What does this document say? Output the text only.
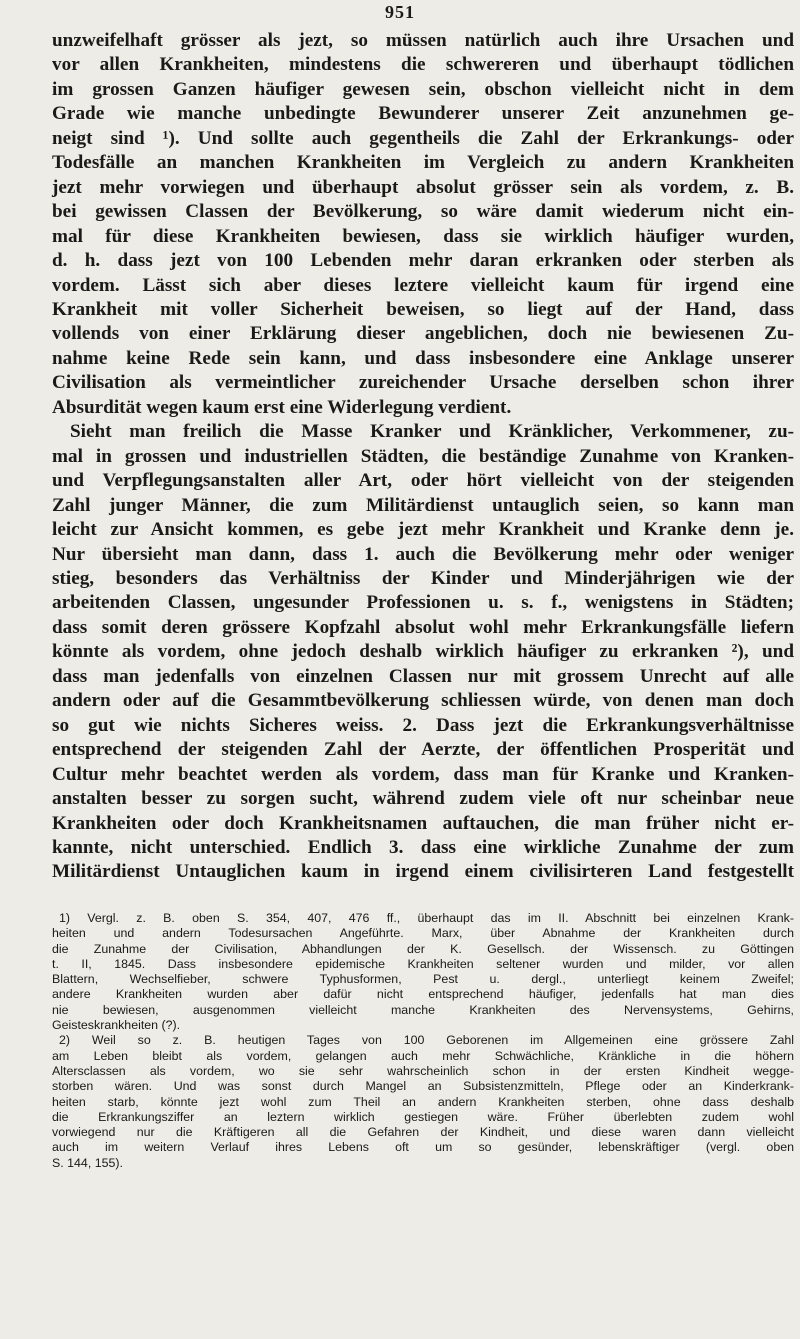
951

unzweifelhaft grösser als jezt, so müssen natürlich auch ihre Ursachen und

vor allen Krankheiten, mindestens die schwereren und überhaupt tödlichen

im grossen Ganzen häufiger gewesen sein, obschon vielleicht nicht in dem

Grade wie manche unbedingte Bewunderer unserer Zeit anzunehmen ge-

neigt sind ¹). Und sollte auch gegentheils die Zahl der Erkrankungs- oder

Todesfälle an manchen Krankheiten im Vergleich zu andern Krankheiten

jezt mehr vorwiegen und überhaupt absolut grösser sein als vordem, z. B.

bei gewissen Classen der Bevölkerung, so wäre damit wiederum nicht ein-

mal für diese Krankheiten bewiesen, dass sie wirklich häufiger wurden,

d. h. dass jezt von 100 Lebenden mehr daran erkranken oder sterben als

vordem. Lässt sich aber dieses leztere vielleicht kaum für irgend eine

Krankheit mit voller Sicherheit beweisen, so liegt auf der Hand, dass

vollends von einer Erklärung dieser angeblichen, doch nie bewiesenen Zu-

nahme keine Rede sein kann, und dass insbesondere eine Anklage unserer

Civilisation als vermeintlicher zureichender Ursache derselben schon ihrer

Absurdität wegen kaum erst eine Widerlegung verdient.

Sieht man freilich die Masse Kranker und Kränklicher, Verkommener, zu-

mal in grossen und industriellen Städten, die beständige Zunahme von Kranken-

und Verpflegungsanstalten aller Art, oder hört vielleicht von der steigenden

Zahl junger Männer, die zum Militärdienst untauglich seien, so kann man

leicht zur Ansicht kommen, es gebe jezt mehr Krankheit und Kranke denn je.

Nur übersieht man dann, dass 1. auch die Bevölkerung mehr oder weniger

stieg, besonders das Verhältniss der Kinder und Minderjährigen wie der

arbeitenden Classen, ungesunder Professionen u. s. f., wenigstens in Städten;

dass somit deren grössere Kopfzahl absolut wohl mehr Erkrankungsfälle liefern

könnte als vordem, ohne jedoch deshalb wirklich häufiger zu erkranken ²), und

dass man jedenfalls von einzelnen Classen nur mit grossem Unrecht auf alle

andern oder auf die Gesammtbevölkerung schliessen würde, von denen man doch

so gut wie nichts Sicheres weiss. 2. Dass jezt die Erkrankungsverhältnisse

entsprechend der steigenden Zahl der Aerzte, der öffentlichen Prosperität und

Cultur mehr beachtet werden als vordem, dass man für Kranke und Kranken-

anstalten besser zu sorgen sucht, während zudem viele oft nur scheinbar neue

Krankheiten oder doch Krankheitsnamen auftauchen, die man früher nicht er-

kannte, nicht unterschied. Endlich 3. dass eine wirkliche Zunahme der zum

Militärdienst Untauglichen kaum in irgend einem civilisirteren Land festgestellt

1) Vergl. z. B. oben S. 354, 407, 476 ff., überhaupt das im II. Abschnitt bei einzelnen Krank-

heiten und andern Todesursachen Angeführte. Marx, über Abnahme der Krankheiten durch

die Zunahme der Civilisation, Abhandlungen der K. Gesellsch. der Wissensch. zu Göttingen

t. II, 1845. Dass insbesondere epidemische Krankheiten seltener wurden und milder, vor allen

Blattern, Wechselfieber, schwere Typhusformen, Pest u. dergl., unterliegt keinem Zweifel;

andere Krankheiten wurden aber dafür nicht entsprechend häufiger, jedenfalls hat man dies

nie bewiesen, ausgenommen vielleicht manche Krankheiten des Nervensystems, Gehirns,

Geisteskrankheiten (?).

2) Weil so z. B. heutigen Tages von 100 Geborenen im Allgemeinen eine grössere Zahl

am Leben bleibt als vordem, gelangen auch mehr Schwächliche, Kränkliche in die höhern

Altersclassen als vordem, wo sie sehr wahrscheinlich schon in der ersten Kindheit wegge-

storben wären. Und was sonst durch Mangel an Subsistenzmitteln, Pflege oder an Kinderkrank-

heiten starb, könnte jezt wohl zum Theil an andern Krankheiten sterben, ohne dass deshalb

die Erkrankungsziffer an leztern wirklich gestiegen wäre. Früher überlebten zudem wohl

vorwiegend nur die Kräftigeren all die Gefahren der Kindheit, und diese waren dann vielleicht

auch im weitern Verlauf ihres Lebens oft um so gesünder, lebenskräftiger (vergl. oben

S. 144, 155).
